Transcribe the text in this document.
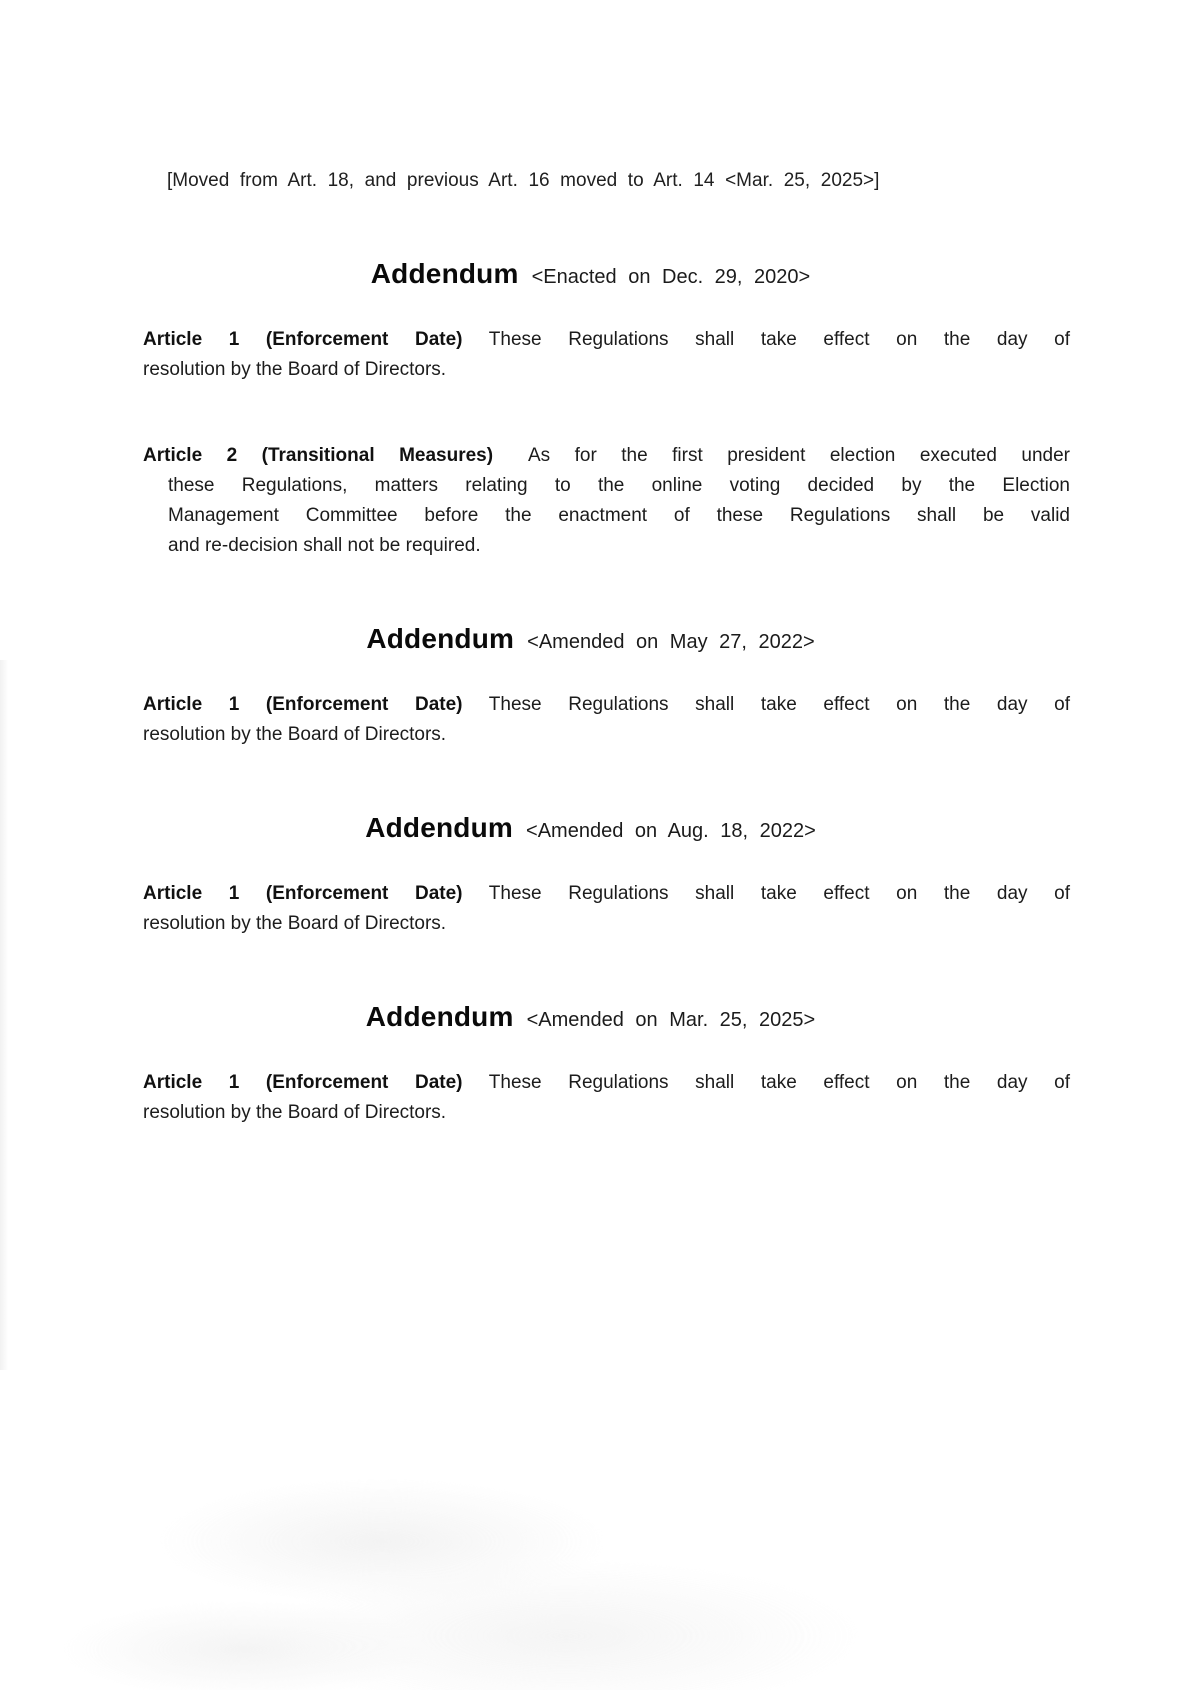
[Moved from Art. 18, and previous Art. 16 moved to Art. 14 <Mar. 25, 2025>]
Addendum <Enacted on Dec. 29, 2020>
Article 1 (Enforcement Date) These Regulations shall take effect on the day of
resolution by the Board of Directors.
Article 2 (Transitional Measures) As for the first president election executed under
these Regulations, matters relating to the online voting decided by the Election
Management Committee before the enactment of these Regulations shall be valid
and re-decision shall not be required.
Addendum <Amended on May 27, 2022>
Article 1 (Enforcement Date) These Regulations shall take effect on the day of
resolution by the Board of Directors.
Addendum <Amended on Aug. 18, 2022>
Article 1 (Enforcement Date) These Regulations shall take effect on the day of
resolution by the Board of Directors.
Addendum <Amended on Mar. 25, 2025>
Article 1 (Enforcement Date) These Regulations shall take effect on the day of
resolution by the Board of Directors.
